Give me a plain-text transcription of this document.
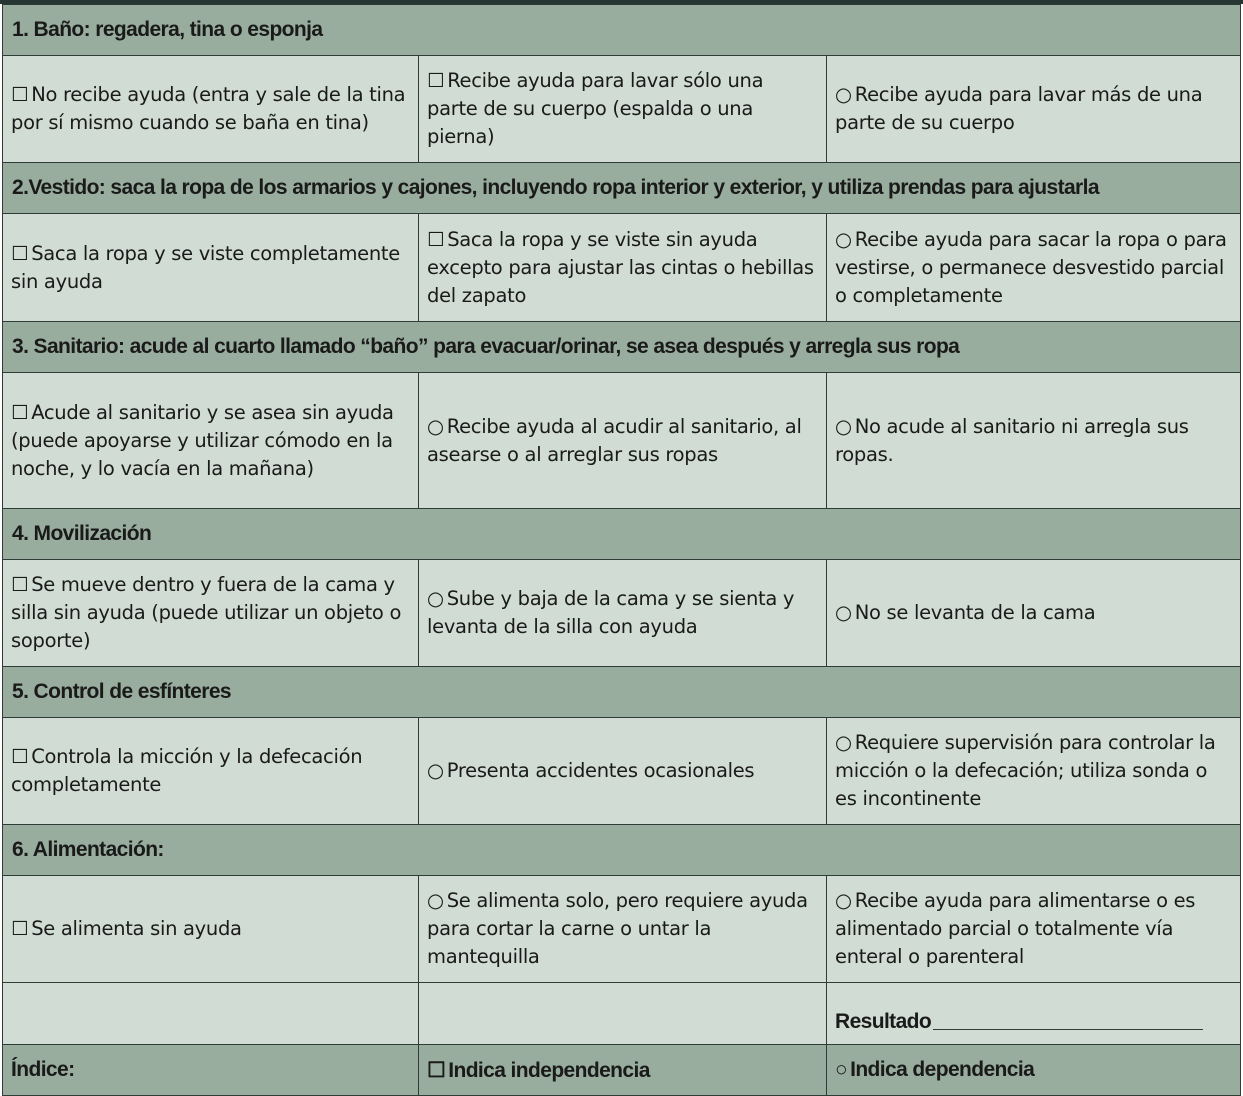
1. Baño: regadera, tina o esponja		
☐ No recibe ayuda (entra y sale de la tina por sí mismo cuando se baña en tina)	☐ Recibe ayuda para lavar sólo una parte de su cuerpo (espalda o una pierna)	○ Recibe ayuda para lavar más de una parte de su cuerpo
2.Vestido: saca la ropa de los armarios y cajones, incluyendo ropa interior y exterior, y utiliza prendas para ajustarla		
☐ Saca la ropa y se viste completamente sin ayuda	☐ Saca la ropa y se viste sin ayuda excepto para ajustar las cintas o hebillas del zapato	○ Recibe ayuda para sacar la ropa o para vestirse, o permanece desvestido parcial o completamente
3. Sanitario: acude al cuarto llamado “baño” para evacuar/orinar, se asea después y arregla sus ropa		
☐ Acude al sanitario y se asea sin ayuda (puede apoyarse y utilizar cómodo en la noche, y lo vacía en la mañana)	○ Recibe ayuda al acudir al sanitario, al asearse o al arreglar sus ropas	○ No acude al sanitario ni arregla sus ropas.
4. Movilización		
☐ Se mueve dentro y fuera de la cama y silla sin ayuda (puede utilizar un objeto o soporte)	○ Sube y baja de la cama y se sienta y levanta de la silla con ayuda	○ No se levanta de la cama
5. Control de esfínteres		
☐ Controla la micción y la defecación completamente	○ Presenta accidentes ocasionales	○ Requiere supervisión para controlar la micción o la defecación; utiliza sonda o es incontinente
6. Alimentación:		
☐ Se alimenta sin ayuda	○ Se alimenta solo, pero requiere ayuda para cortar la carne o untar la mantequilla	○ Recibe ayuda para alimentarse o es alimentado parcial o totalmente vía enteral o parenteral
		Resultado
Índice:	☐ Indica independencia	○ Indica dependencia
